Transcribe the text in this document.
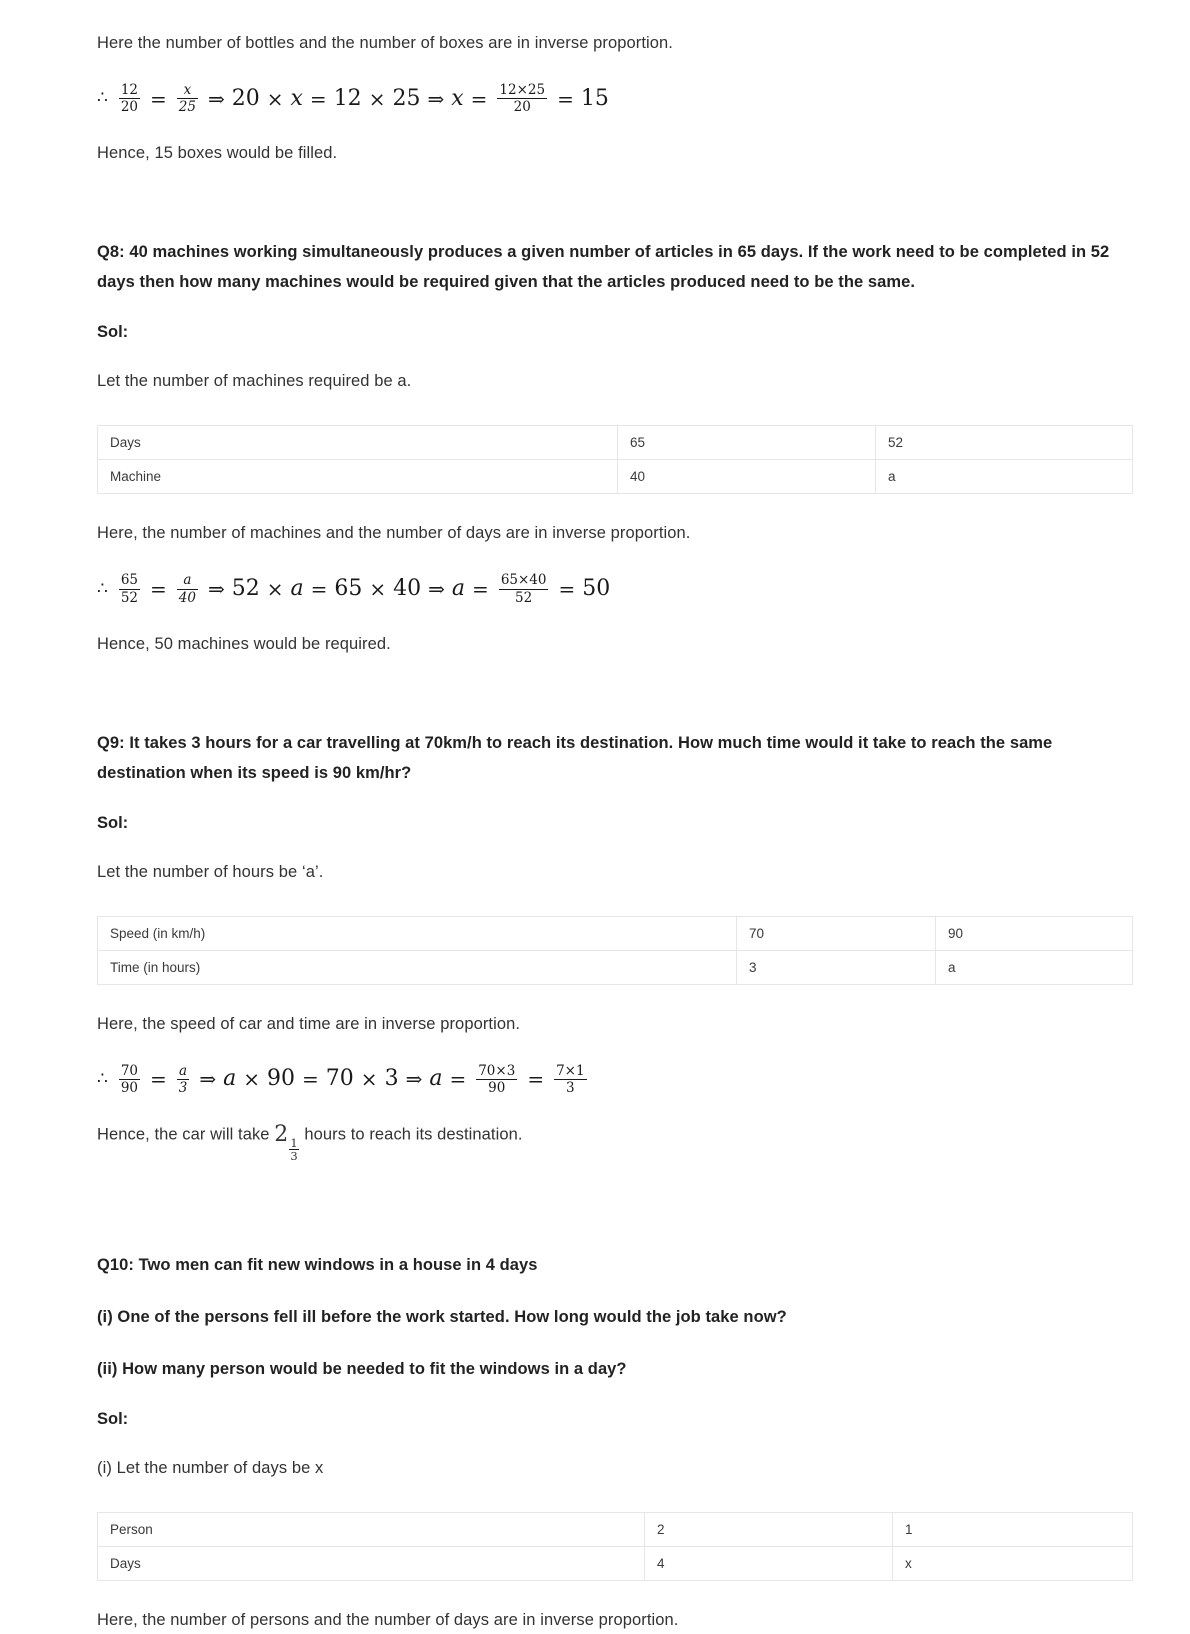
Here the number of bottles and the number of boxes are in inverse proportion.

∴ $\frac{12}{20} = \frac{x}{25}$ ⇒ 20 × x = 12 × 25 ⇒ $x = \frac{12\times 25}{20} = 15$

Hence, 15 boxes would be filled.

Q8: 40 machines working simultaneously produces a given number of articles in 65 days. If the work need to be completed in 52 days then how many machines would be required given that the articles produced need to be the same.

Sol:

Let the number of machines required be a.

Days	65	52
Machine	40	a

Here, the number of machines and the number of days are in inverse proportion.

∴ $\frac{65}{52} = \frac{a}{40}$ ⇒ 52 × a = 65 × 40 ⇒ $a = \frac{65\times 40}{52} = 50$

Hence, 50 machines would be required.

Q9: It takes 3 hours for a car travelling at 70km/h to reach its destination. How much time would it take to reach the same destination when its speed is 90 km/hr?

Sol:

Let the number of hours be ‘a’.

Speed (in km/h)	70	90
Time (in hours)	3	a

Here, the speed of car and time are in inverse proportion.

∴ $\frac{70}{90} = \frac{a}{3}$ ⇒ a × 90 = 70 × 3 ⇒ $a = \frac{70\times 3}{90} = \frac{7\times 1}{3}$

Hence, the car will take 2
$\frac{1}{3}$
hours to reach its destination.

Q10: Two men can fit new windows in a house in 4 days

(i) One of the persons fell ill before the work started. How long would the job take now?

(ii) How many person would be needed to fit the windows in a day?

Sol:

(i) Let the number of days be x

Person	2	1
Days	4	x

Here, the number of persons and the number of days are in inverse proportion.
